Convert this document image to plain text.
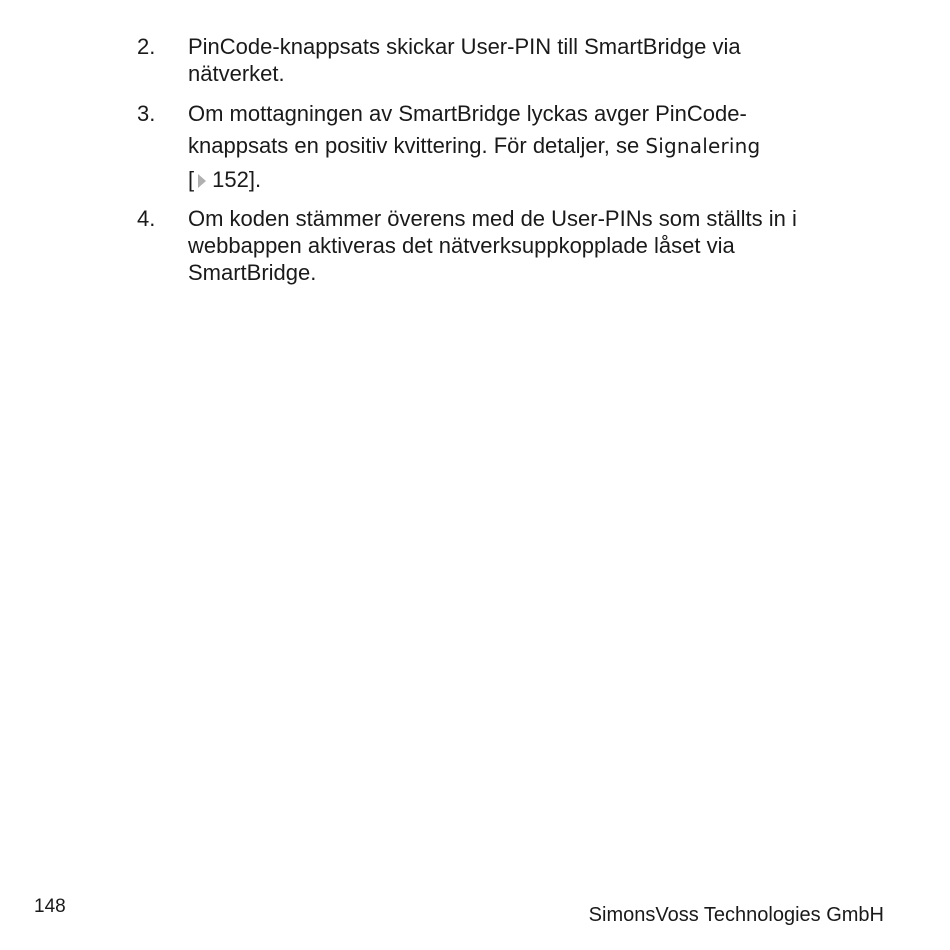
2. PinCode-knappsats skickar User-PIN till SmartBridge via
nätverket.
3. Om mottagningen av SmartBridge lyckas avger PinCode-
knappsats en positiv kvittering. För detaljer, se Signalering
[ 152].
4. Om koden stämmer överens med de User-PINs som ställts in i
webbappen aktiveras det nätverksuppkopplade låset via
SmartBridge.
148	SimonsVoss Technologies GmbH
